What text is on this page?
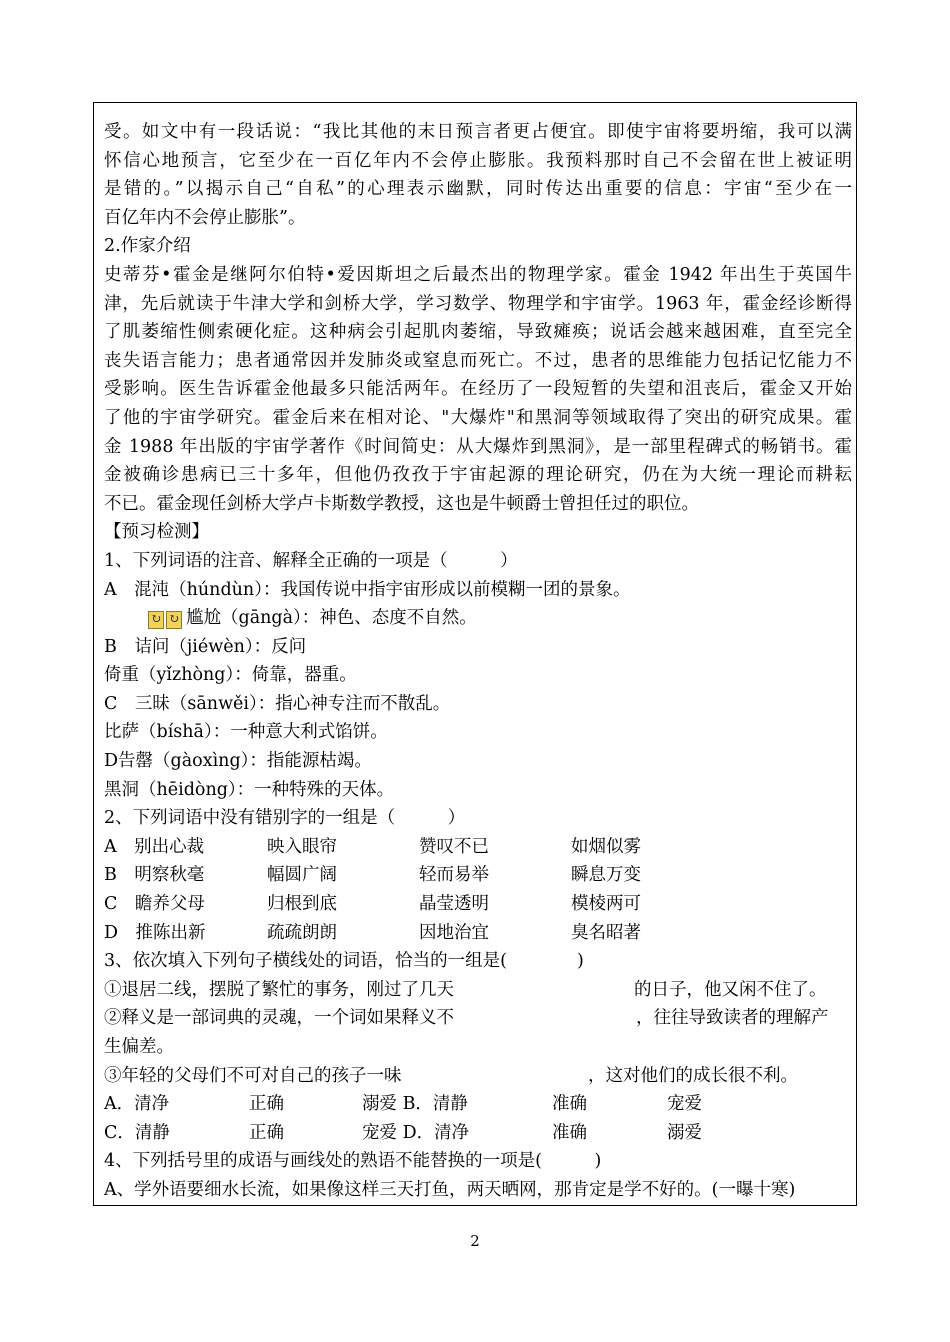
受。如文中有一段话说：“我比其他的末日预言者更占便宜。即使宇宙将要坍缩，我可以满
怀信心地预言，它至少在一百亿年内不会停止膨胀。我预料那时自己不会留在世上被证明
是错的。”以揭示自己“自私”的心理表示幽默，同时传达出重要的信息：宇宙“至少在一
百亿年内不会停止膨胀”。
2.作家介绍
史蒂芬•霍金是继阿尔伯特•爱因斯坦之后最杰出的物理学家。霍金 1942 年出生于英国牛
津，先后就读于牛津大学和剑桥大学，学习数学、物理学和宇宙学。1963 年，霍金经诊断得
了肌萎缩性侧索硬化症。这种病会引起肌肉萎缩，导致瘫痪；说话会越来越困难，直至完全
丧失语言能力；患者通常因并发肺炎或窒息而死亡。不过，患者的思维能力包括记忆能力不
受影响。医生告诉霍金他最多只能活两年。在经历了一段短暂的失望和沮丧后，霍金又开始
了他的宇宙学研究。霍金后来在相对论、"大爆炸"和黑洞等领域取得了突出的研究成果。霍
金 1988 年出版的宇宙学著作《时间简史：从大爆炸到黑洞》，是一部里程碑式的畅销书。霍
金被确诊患病已三十多年，但他仍孜孜于宇宙起源的理论研究，仍在为大统一理论而耕耘
不已。霍金现任剑桥大学卢卡斯数学教授，这也是牛顿爵士曾担任过的职位。
【预习检测】
1、下列词语的注音、解释全正确的一项是（　　　）
A　混沌（húndùn）：我国传说中指宇宙形成以前模糊一团的景象。
↻ ↻ 尴尬（gāngà）：神色、态度不自然。
B　诘问（jiéwèn）：反问
倚重（yǐzhòng）：倚靠，器重。
C　三昧（sānwěi）：指心神专注而不散乱。
比萨（bíshā）：一种意大利式馅饼。
D告罄（gàoxìng）：指能源枯竭。
黑洞（hēidòng）：一种特殊的天体。
2、下列词语中没有错别字的一组是（　　　）
A　别出心裁	映入眼帘	赞叹不已	如烟似雾
B　明察秋毫	幅圆广阔	轻而易举	瞬息万变
C　瞻养父母	归根到底	晶莹透明	模棱两可
D　推陈出新	疏疏朗朗	因地治宜	臭名昭著
3、依次填入下列句子横线处的词语，恰当的一组是(　　　　)
①退居二线，摆脱了繁忙的事务，刚过了几天	的日子，他又闲不住了。
②释义是一部词典的灵魂，一个词如果释义不	，往往导致读者的理解产
生偏差。
③年轻的父母们不可对自己的孩子一味	，这对他们的成长很不利。
A．清净	正确	溺爱 B．清静	准确	宠爱
C．清静	正确	宠爱 D．清净	准确	溺爱
4、下列括号里的成语与画线处的熟语不能替换的一项是(　　　)
A、学外语要细水长流，如果像这样三天打鱼，两天晒网，那肯定是学不好的。(一曝十寒)
2
